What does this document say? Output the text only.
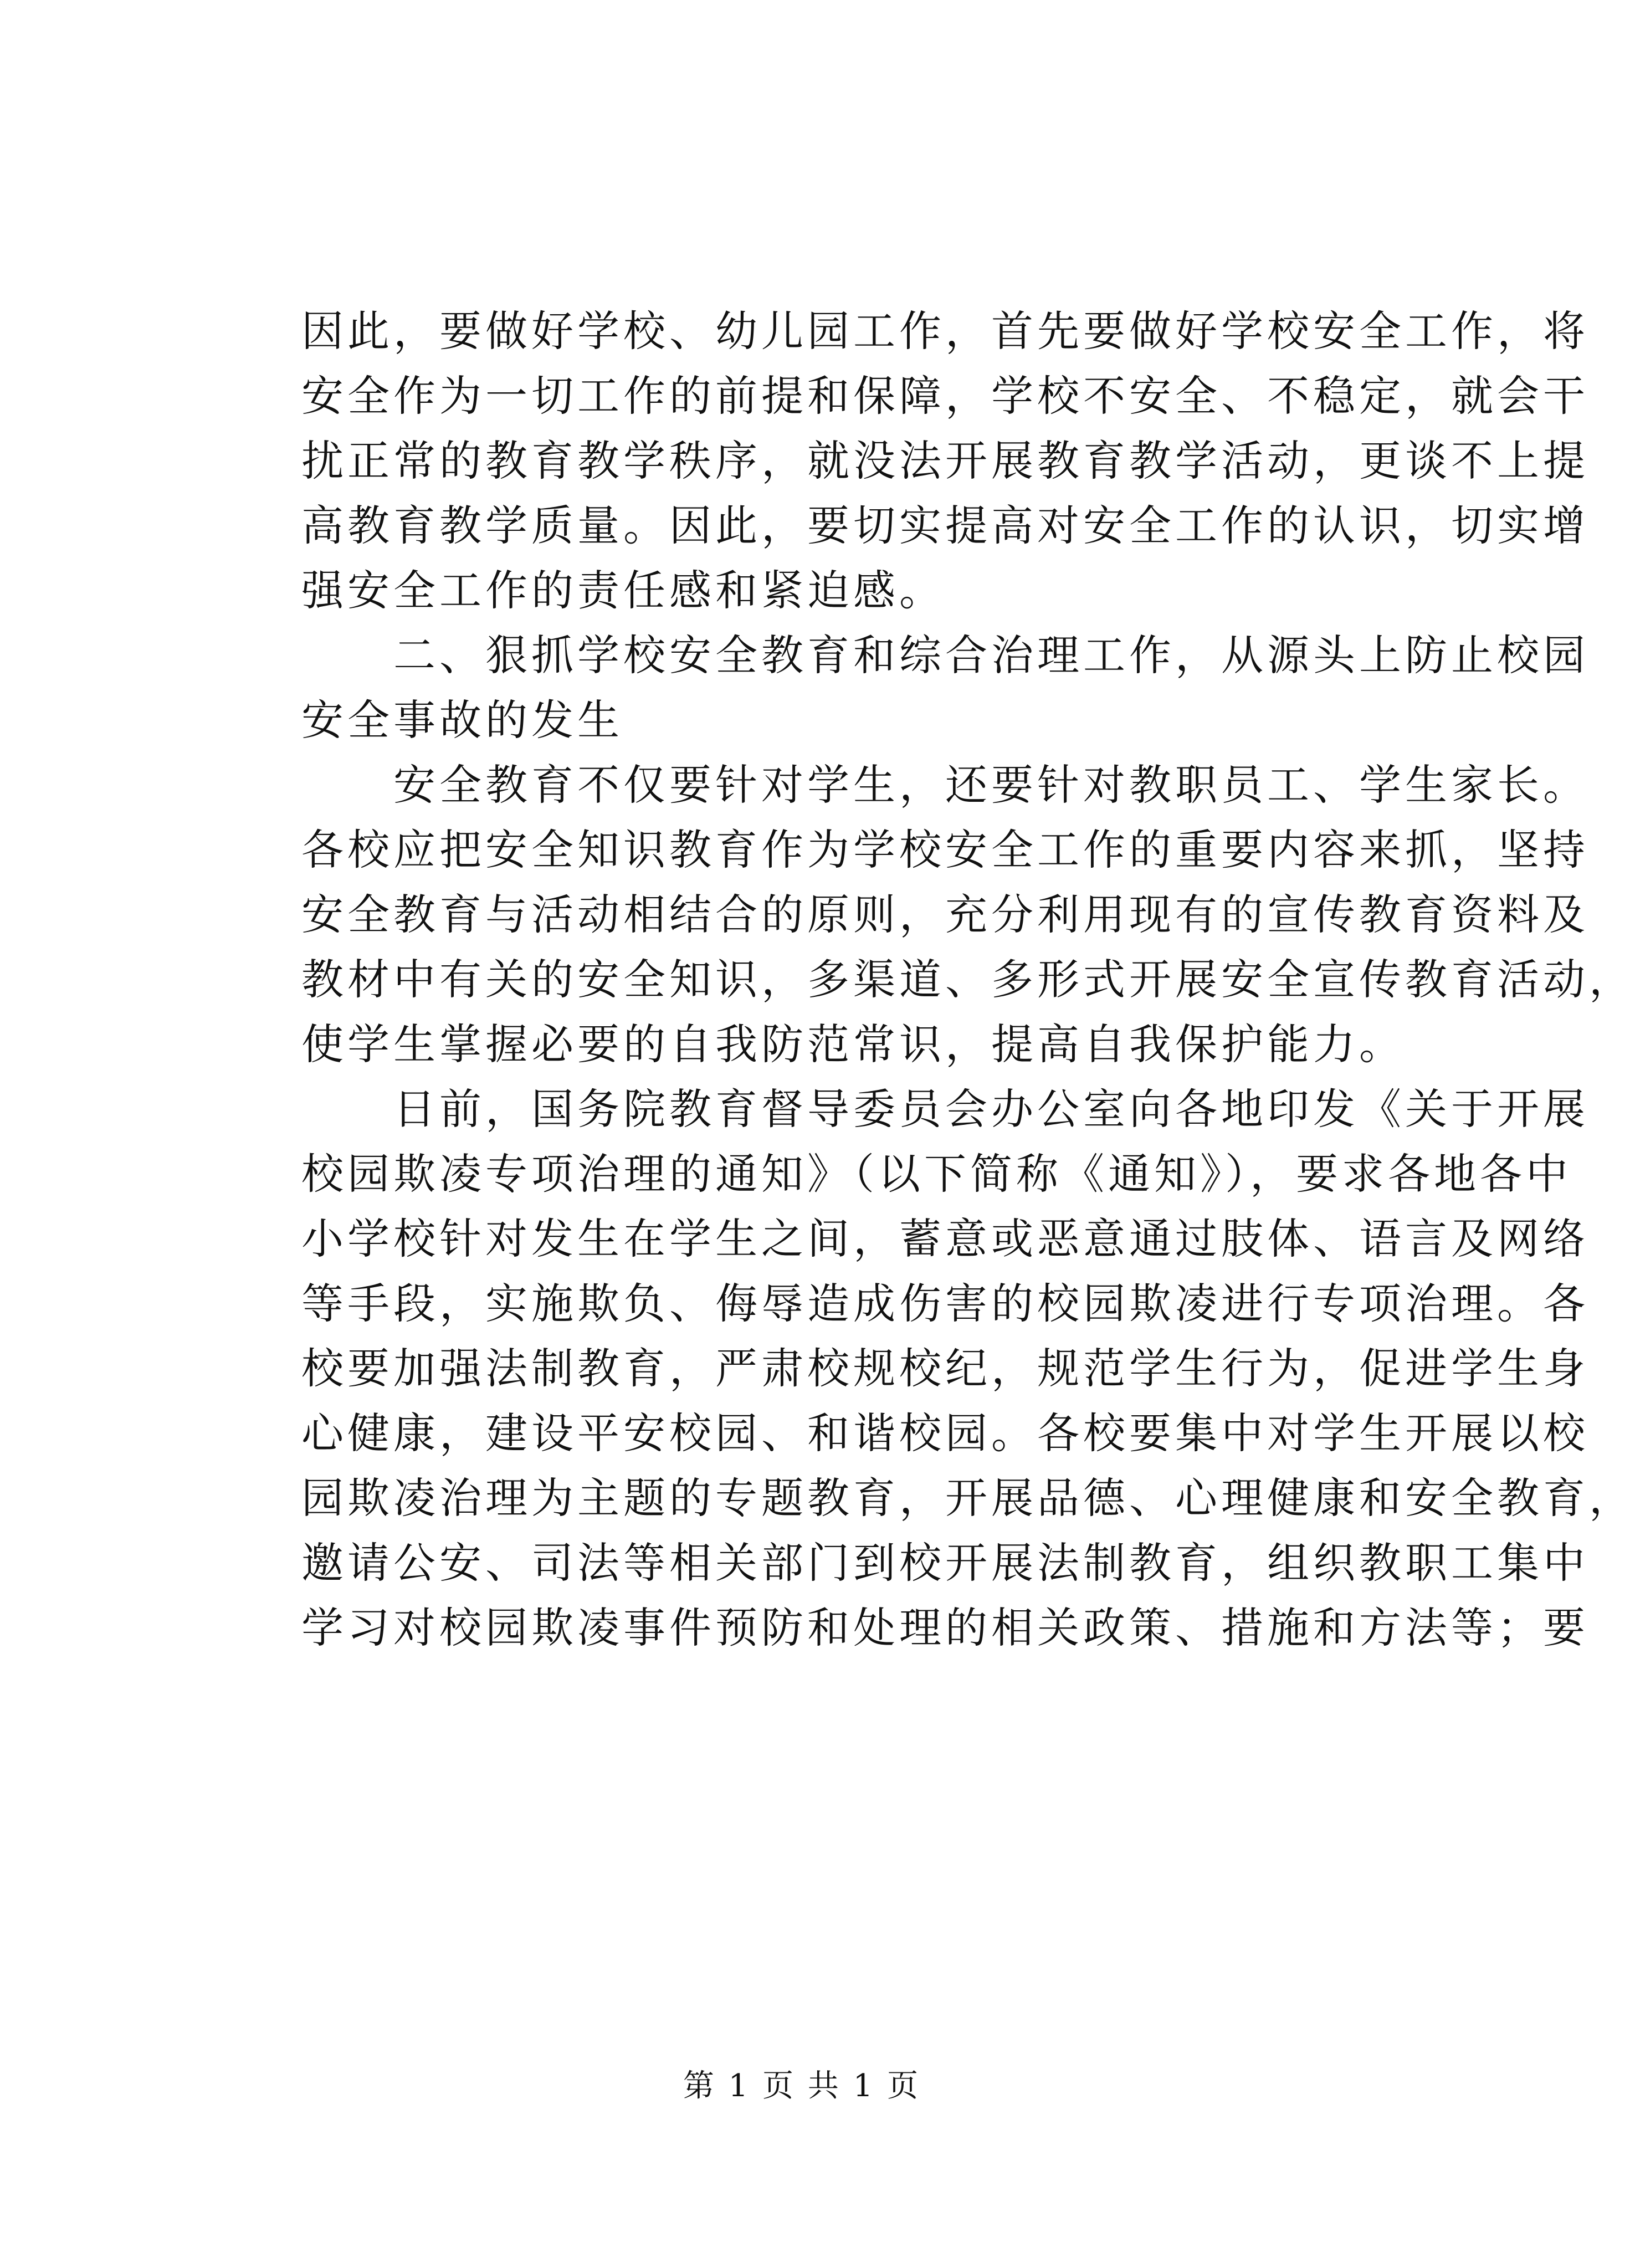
因此，要做好学校、幼儿园工作，首先要做好学校安全工作，将
安全作为一切工作的前提和保障，学校不安全、不稳定，就会干
扰正常的教育教学秩序，就没法开展教育教学活动，更谈不上提
高教育教学质量。因此，要切实提高对安全工作的认识，切实增
强安全工作的责任感和紧迫感。
二、狠抓学校安全教育和综合治理工作，从源头上防止校园
安全事故的发生
安全教育不仅要针对学生，还要针对教职员工、学生家长。
各校应把安全知识教育作为学校安全工作的重要内容来抓，坚持
安全教育与活动相结合的原则，充分利用现有的宣传教育资料及
教材中有关的安全知识，多渠道、多形式开展安全宣传教育活动，
使学生掌握必要的自我防范常识，提高自我保护能力。
日前，国务院教育督导委员会办公室向各地印发《关于开展
校园欺凌专项治理的通知》（以下简称《通知》），要求各地各中
小学校针对发生在学生之间，蓄意或恶意通过肢体、语言及网络
等手段，实施欺负、侮辱造成伤害的校园欺凌进行专项治理。各
校要加强法制教育，严肃校规校纪，规范学生行为，促进学生身
心健康，建设平安校园、和谐校园。各校要集中对学生开展以校
园欺凌治理为主题的专题教育，开展品德、心理健康和安全教育，
邀请公安、司法等相关部门到校开展法制教育，组织教职工集中
学习对校园欺凌事件预防和处理的相关政策、措施和方法等；要
第 1 页 共 1 页
